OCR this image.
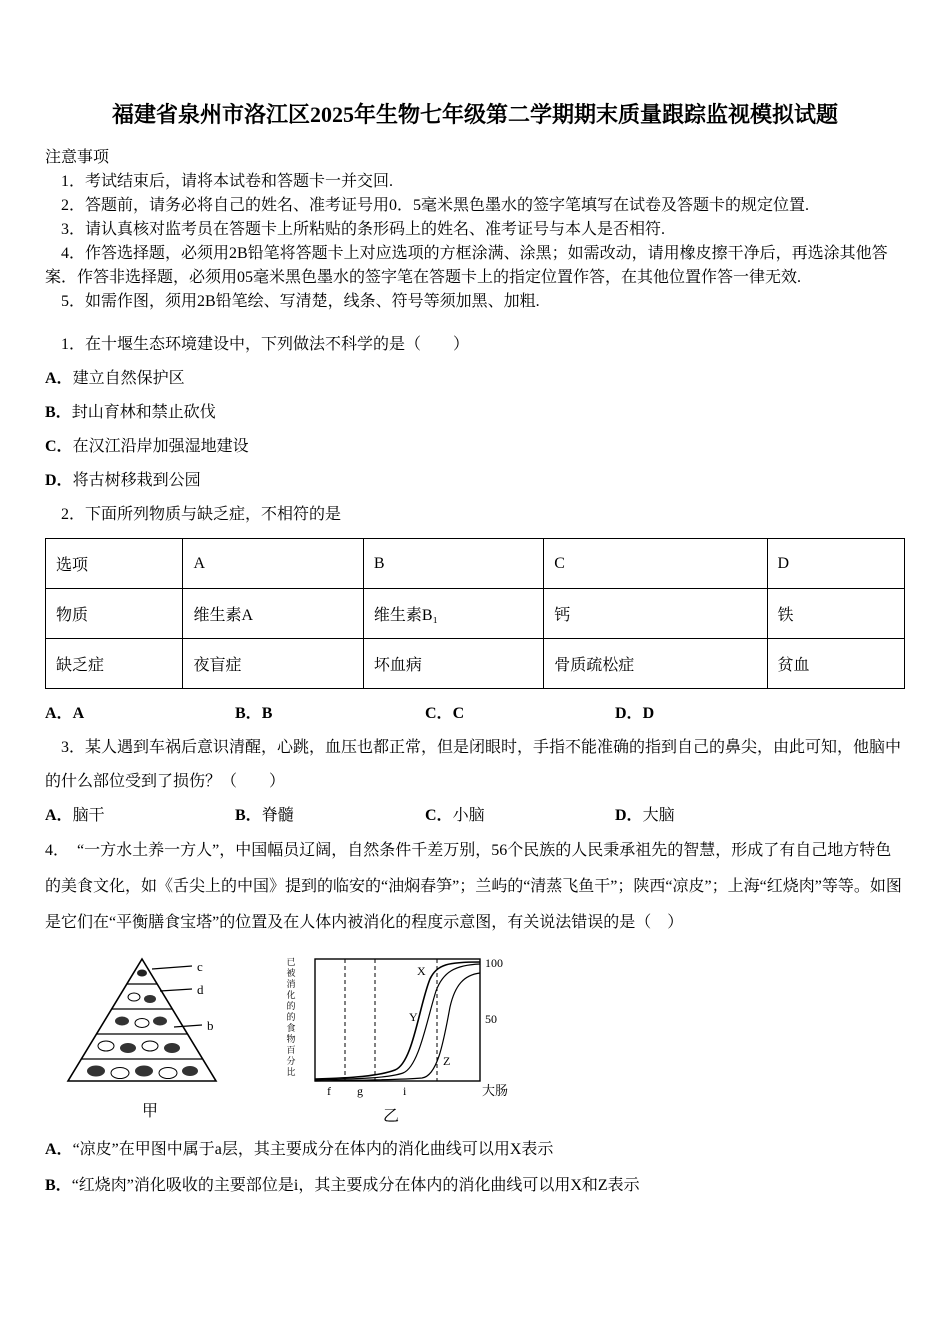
福建省泉州市洛江区2025年生物七年级第二学期期末质量跟踪监视模拟试题
注意事项
1．考试结束后，请将本试卷和答题卡一并交回.
2．答题前，请务必将自己的姓名、准考证号用0．5毫米黑色墨水的签字笔填写在试卷及答题卡的规定位置.
3．请认真核对监考员在答题卡上所粘贴的条形码上的姓名、准考证号与本人是否相符.
4．作答选择题，必须用2B铅笔将答题卡上对应选项的方框涂满、涂黑；如需改动，请用橡皮擦干净后，再选涂其他答案．作答非选择题，必须用05毫米黑色墨水的签字笔在答题卡上的指定位置作答，在其他位置作答一律无效.
5．如需作图，须用2B铅笔绘、写清楚，线条、符号等须加黑、加粗.
1．在十堰生态环境建设中，下列做法不科学的是（　　）
A．建立自然保护区
B．封山育林和禁止砍伐
C．在汉江沿岸加强湿地建设
D．将古树移栽到公园
2．下面所列物质与缺乏症，不相符的是
选项	A	B	C	D
物质	维生素A	维生素B₁	钙	铁
缺乏症	夜盲症	坏血病	骨质疏松症	贫血
A．A	B．B	C．C	D．D
3．某人遇到车祸后意识清醒，心跳，血压也都正常，但是闭眼时，手指不能准确的指到自己的鼻尖，由此可知，他脑中的什么部位受到了损伤？（　　）
A．脑干	B．脊髓	C．小脑	D．大脑
4．　“一方水土养一方人”，中国幅员辽阔，自然条件千差万别，56个民族的人民秉承祖先的智慧，形成了有自己地方特色的美食文化，如《舌尖上的中国》提到的临安的“油焖春笋”；兰屿的“清蒸飞鱼干”；陕西“凉皮”；上海“红烧肉”等等。如图是它们在“平衡膳食宝塔”的位置及在人体内被消化的程度示意图，有关说法错误的是（　）
c
d
b
甲
已被消化的的食物百分比
X
Y
Z
100
50
f g	i	大肠
乙
A．“凉皮”在甲图中属于a层，其主要成分在体内的消化曲线可以用X表示
B．“红烧肉”消化吸收的主要部位是i，其主要成分在体内的消化曲线可以用X和Z表示
